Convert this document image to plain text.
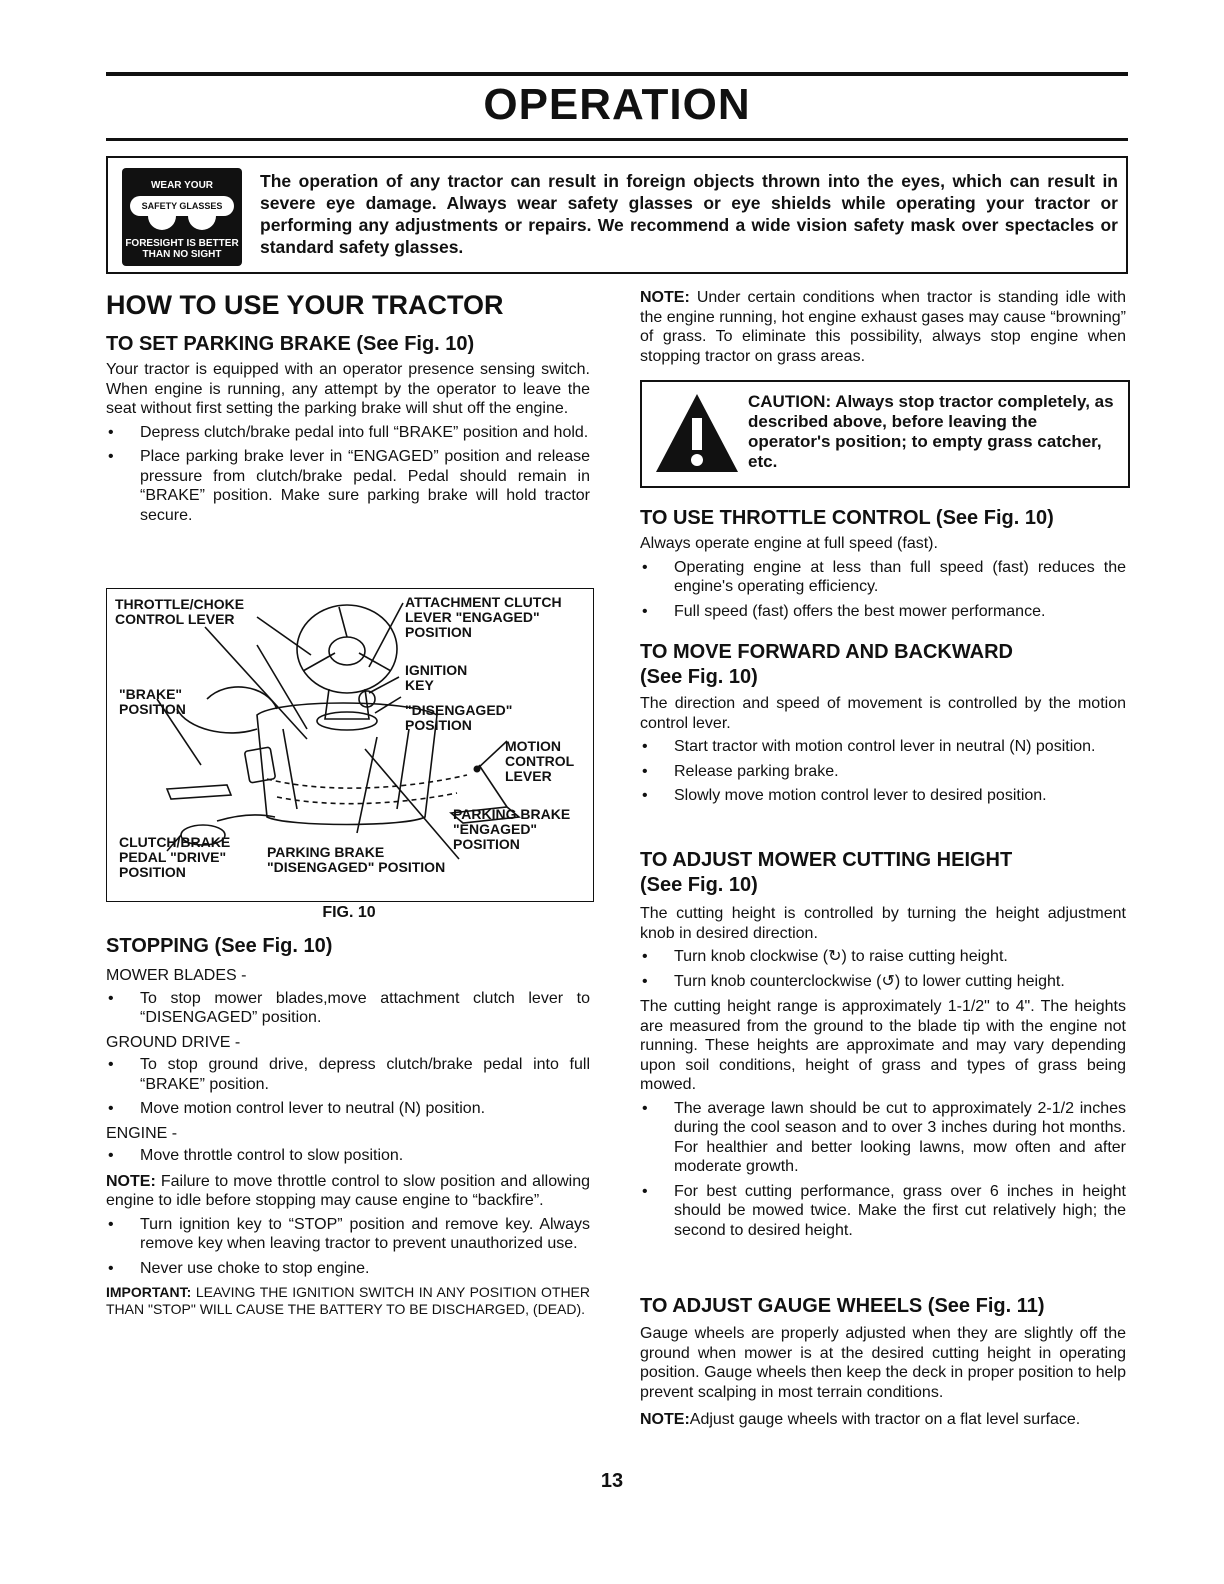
OPERATION
WEAR YOUR
SAFETY GLASSES
FORESIGHT IS BETTER
THAN NO SIGHT
The operation of any tractor can result in foreign objects thrown into the eyes, which can result in severe eye damage. Always wear safety glasses or eye shields while operating your tractor or performing any adjustments or repairs. We recommend a wide vision safety mask over spectacles or standard safety glasses.
HOW TO USE YOUR TRACTOR
TO SET PARKING BRAKE (See Fig. 10)

Your tractor is equipped with an operator presence sensing switch. When engine is running, any attempt by the operator to leave the seat without first setting the parking brake will shut off the engine.

•	Depress clutch/brake pedal into full “BRAKE” position and hold.
•	Place parking brake lever in “ENGAGED” position and release pressure from clutch/brake pedal. Pedal should remain in “BRAKE” position. Make sure parking brake will hold tractor secure.
THROTTLE/CHOKE
CONTROL LEVER
ATTACHMENT CLUTCH
LEVER "ENGAGED"
POSITION
IGNITION
KEY
"BRAKE"
POSITION	"DISENGAGED"
POSITION
MOTION
CONTROL
LEVER
PARKING BRAKE
"ENGAGED"
POSITION
CLUTCH/BRAKE
PEDAL "DRIVE"
POSITION
PARKING BRAKE
"DISENGAGED" POSITION
FIG. 10
STOPPING (See Fig. 10)
MOWER BLADES -
•	To stop mower blades,move attachment clutch lever to “DISENGAGED” position.
GROUND DRIVE -
•	To stop ground drive, depress clutch/brake pedal into full “BRAKE” position.
•	Move motion control lever to neutral (N) position.
ENGINE -
•	Move throttle control to slow position.

NOTE: Failure to move throttle control to slow position and allowing engine to idle before stopping may cause engine to “backfire”.

•	Turn ignition key to “STOP” position and remove key. Always remove key when leaving tractor to prevent unauthorized use.
•	Never use choke to stop engine.

IMPORTANT: LEAVING THE IGNITION SWITCH IN ANY POSITION OTHER THAN "STOP" WILL CAUSE THE BATTERY TO BE DISCHARGED, (DEAD).

NOTE: Under certain conditions when tractor is standing idle with the engine running, hot engine exhaust gases may cause “browning” of grass. To eliminate this possibility, always stop engine when stopping tractor on grass areas.

CAUTION: Always stop tractor completely, as described above, before leaving the operator's position; to empty grass catcher, etc.
TO USE THROTTLE CONTROL (See Fig. 10)

Always operate engine at full speed (fast).

•	Operating engine at less than full speed (fast) reduces the engine's operating efficiency.
•	Full speed (fast) offers the best mower performance.
TO MOVE FORWARD AND BACKWARD
(See Fig. 10)

The direction and speed of movement is controlled by the motion control lever.

•	Start tractor with motion control lever in neutral (N) position.
•	Release parking brake.
•	Slowly move motion control lever to desired position.
TO ADJUST MOWER CUTTING HEIGHT
(See Fig. 10)

The cutting height is controlled by turning the height adjustment knob in desired direction.

•	Turn knob clockwise (↻) to raise cutting height.
•	Turn knob counterclockwise (↺) to lower cutting height.

The cutting height range is approximately 1-1/2" to 4". The heights are measured from the ground to the blade tip with the engine not running. These heights are approximate and may vary depending upon soil conditions, height of grass and types of grass being mowed.

•	The average lawn should be cut to approximately 2-1/2 inches during the cool season and to over 3 inches during hot months. For healthier and better looking lawns, mow often and after moderate growth.
•	For best cutting performance, grass over 6 inches in height should be mowed twice. Make the first cut relatively high; the second to desired height.
TO ADJUST GAUGE WHEELS (See Fig. 11)

Gauge wheels are properly adjusted when they are slightly off the ground when mower is at the desired cutting height in operating position. Gauge wheels then keep the deck in proper position to help prevent scalping in most terrain conditions.

NOTE:Adjust gauge wheels with tractor on a flat level surface.

13
